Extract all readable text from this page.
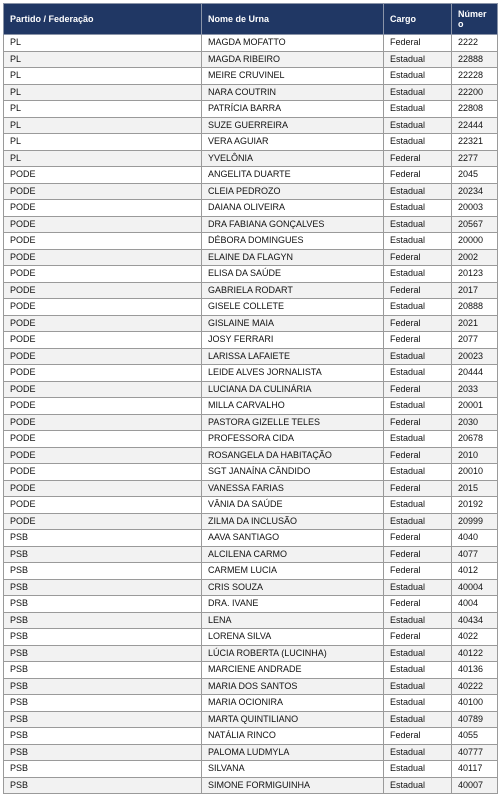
Partido / Federação	Nome de Urna	Cargo	Númer o
PL	MAGDA MOFATTO	Federal	2222
PL	MAGDA RIBEIRO	Estadual	22888
PL	MEIRE CRUVINEL	Estadual	22228
PL	NARA COUTRIN	Estadual	22200
PL	PATRÍCIA BARRA	Estadual	22808
PL	SUZE GUERREIRA	Estadual	22444
PL	VERA AGUIAR	Estadual	22321
PL	YVELÔNIA	Federal	2277
PODE	ANGELITA DUARTE	Federal	2045
PODE	CLEIA PEDROZO	Estadual	20234
PODE	DAIANA OLIVEIRA	Estadual	20003
PODE	DRA FABIANA GONÇALVES	Estadual	20567
PODE	DÉBORA DOMINGUES	Estadual	20000
PODE	ELAINE DA FLAGYN	Federal	2002
PODE	ELISA DA SAÚDE	Estadual	20123
PODE	GABRIELA RODART	Federal	2017
PODE	GISELE COLLETE	Estadual	20888
PODE	GISLAINE MAIA	Federal	2021
PODE	JOSY FERRARI	Federal	2077
PODE	LARISSA LAFAIETE	Estadual	20023
PODE	LEIDE ALVES JORNALISTA	Estadual	20444
PODE	LUCIANA DA CULINÁRIA	Federal	2033
PODE	MILLA CARVALHO	Estadual	20001
PODE	PASTORA GIZELLE TELES	Federal	2030
PODE	PROFESSORA CIDA	Estadual	20678
PODE	ROSANGELA DA HABITAÇÃO	Federal	2010
PODE	SGT JANAÍNA CÂNDIDO	Estadual	20010
PODE	VANESSA FARIAS	Federal	2015
PODE	VÂNIA DA SAÚDE	Estadual	20192
PODE	ZILMA DA INCLUSÃO	Estadual	20999
PSB	AAVA SANTIAGO	Federal	4040
PSB	ALCILENA CARMO	Federal	4077
PSB	CARMEM LUCIA	Federal	4012
PSB	CRIS SOUZA	Estadual	40004
PSB	DRA. IVANE	Federal	4004
PSB	LENA	Estadual	40434
PSB	LORENA SILVA	Federal	4022
PSB	LÚCIA ROBERTA (LUCINHA)	Estadual	40122
PSB	MARCIENE ANDRADE	Estadual	40136
PSB	MARIA DOS SANTOS	Estadual	40222
PSB	MARIA OCIONIRA	Estadual	40100
PSB	MARTA QUINTILIANO	Estadual	40789
PSB	NATÁLIA RINCO	Federal	4055
PSB	PALOMA LUDMYLA	Estadual	40777
PSB	SILVANA	Estadual	40117
PSB	SIMONE FORMIGUINHA	Estadual	40007
